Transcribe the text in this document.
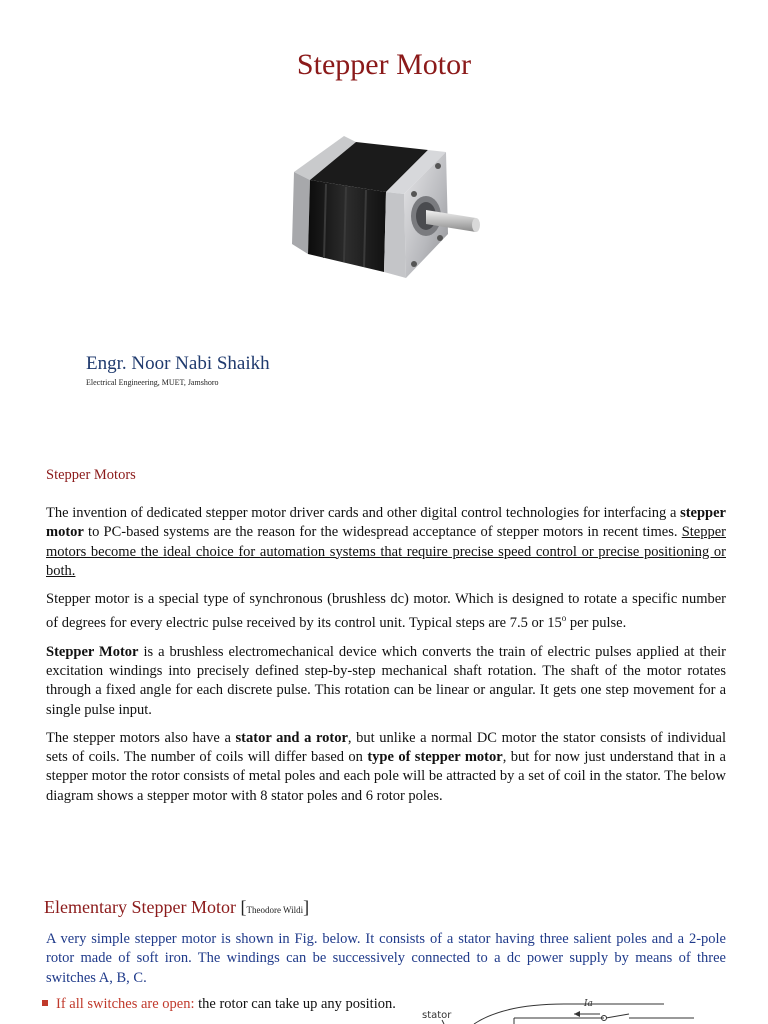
Stepper Motor
Engr. Noor Nabi Shaikh
Electrical Engineering, MUET, Jamshoro
Stepper Motors

The invention of dedicated stepper motor driver cards and other digital control technologies for interfacing a stepper motor to PC-based systems are the reason for the widespread acceptance of stepper motors in recent times. Stepper motors become the ideal choice for automation systems that require precise speed control or precise positioning or both.

Stepper motor is a special type of synchronous (brushless dc) motor. Which is designed to rotate a specific number of degrees for every electric pulse received by its control unit. Typical steps are 7.5 or 15$^o$ per pulse.

Stepper Motor is a brushless electromechanical device which converts the train of electric pulses applied at their excitation windings into precisely defined step-by-step mechanical shaft rotation. The shaft of the motor rotates through a fixed angle for each discrete pulse. This rotation can be linear or angular. It gets one step movement for a single pulse input.

The stepper motors also have a stator and a rotor, but unlike a normal DC motor the stator consists of individual sets of coils. The number of coils will differ based on type of stepper motor, but for now just understand that in a stepper motor the rotor consists of metal poles and each pole will be attracted by a set of coil in the stator. The below diagram shows a stepper motor with 8 stator poles and 6 rotor poles.

Elementary Stepper Motor [Theodore Wildi]

A very simple stepper motor is shown in Fig. below. It consists of a stator having three salient poles and a 2-pole rotor made of soft iron. The windings can be successively connected to a dc power supply by means of three switches A, B, C.

If all switches are open: the rotor can take up any position.
stator
Ia
